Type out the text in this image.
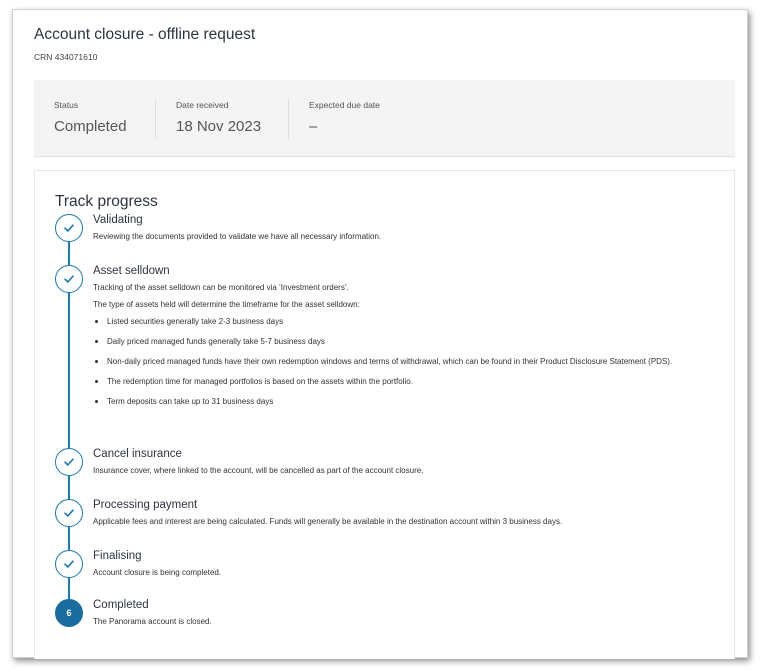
Account closure - offline request
CRN 434071610
Status
Completed
Date received
18 Nov 2023
Expected due date
–
Track progress
Validating
Reviewing the documents provided to validate we have all necessary information.
Asset selldown
Tracking of the asset selldown can be monitored via ‘Investment orders’.
The type of assets held will determine the timeframe for the asset selldown:
Listed securities generally take 2-3 business days
Daily priced managed funds generally take 5-7 business days
Non-daily priced managed funds have their own redemption windows and terms of withdrawal, which can be found in their Product Disclosure Statement (PDS).
The redemption time for managed portfolios is based on the assets within the portfolio.
Term deposits can take up to 31 business days
Cancel insurance
Insurance cover, where linked to the account, will be cancelled as part of the account closure.
Processing payment
Applicable fees and interest are being calculated. Funds will generally be available in the destination account within 3 business days.
Finalising
Account closure is being completed.
6
Completed
The Panorama account is closed.
